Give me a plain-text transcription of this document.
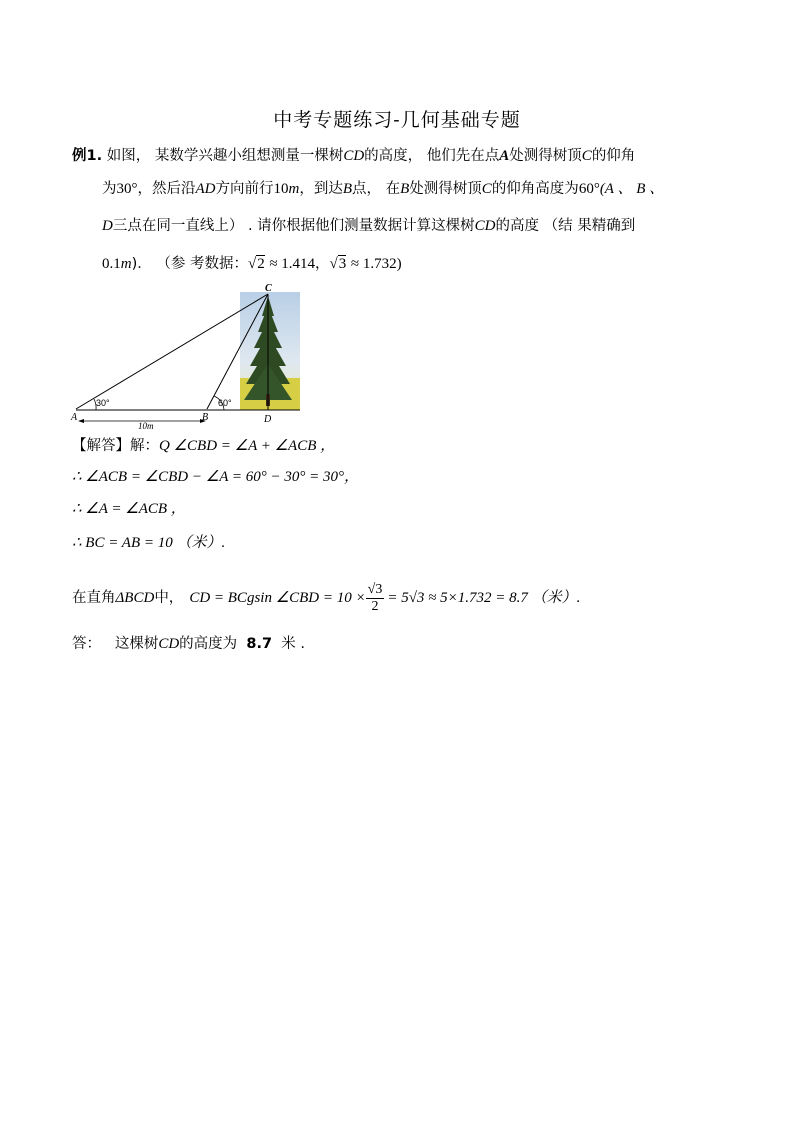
中考专题练习-几何基础专题
例1. 如图， 某数学兴趣小组想测量一棵树CD的高度， 他们先在点A处测得树顶C的仰角
为30°，然后沿AD方向前行10m，到达B点， 在B处测得树顶C的仰角高度为60°(A 、 B 、
D三点在同一直线上） . 请你根据他们测量数据计算这棵树CD的高度 （结 果精确到
0.1m)． （参 考数据：√2 ≈ 1.414，√3 ≈ 1.732)
C
A	B	D
30°	60°
10m
【解答】解：Q ∠CBD = ∠A + ∠ACB ，
∴ ∠ACB = ∠CBD − ∠A = 60° − 30° = 30°，
∴ ∠A = ∠ACB ，
∴ BC = AB = 10 （米）.
在直角 ΔBCD 中， CD = BCgsin ∠CBD = $10 \times \frac{√3}{2} = 5√3 \approx 5\times 1.732 = 8.7$ （米）.
答： 这棵树CD的高度为 8.7 米 .
